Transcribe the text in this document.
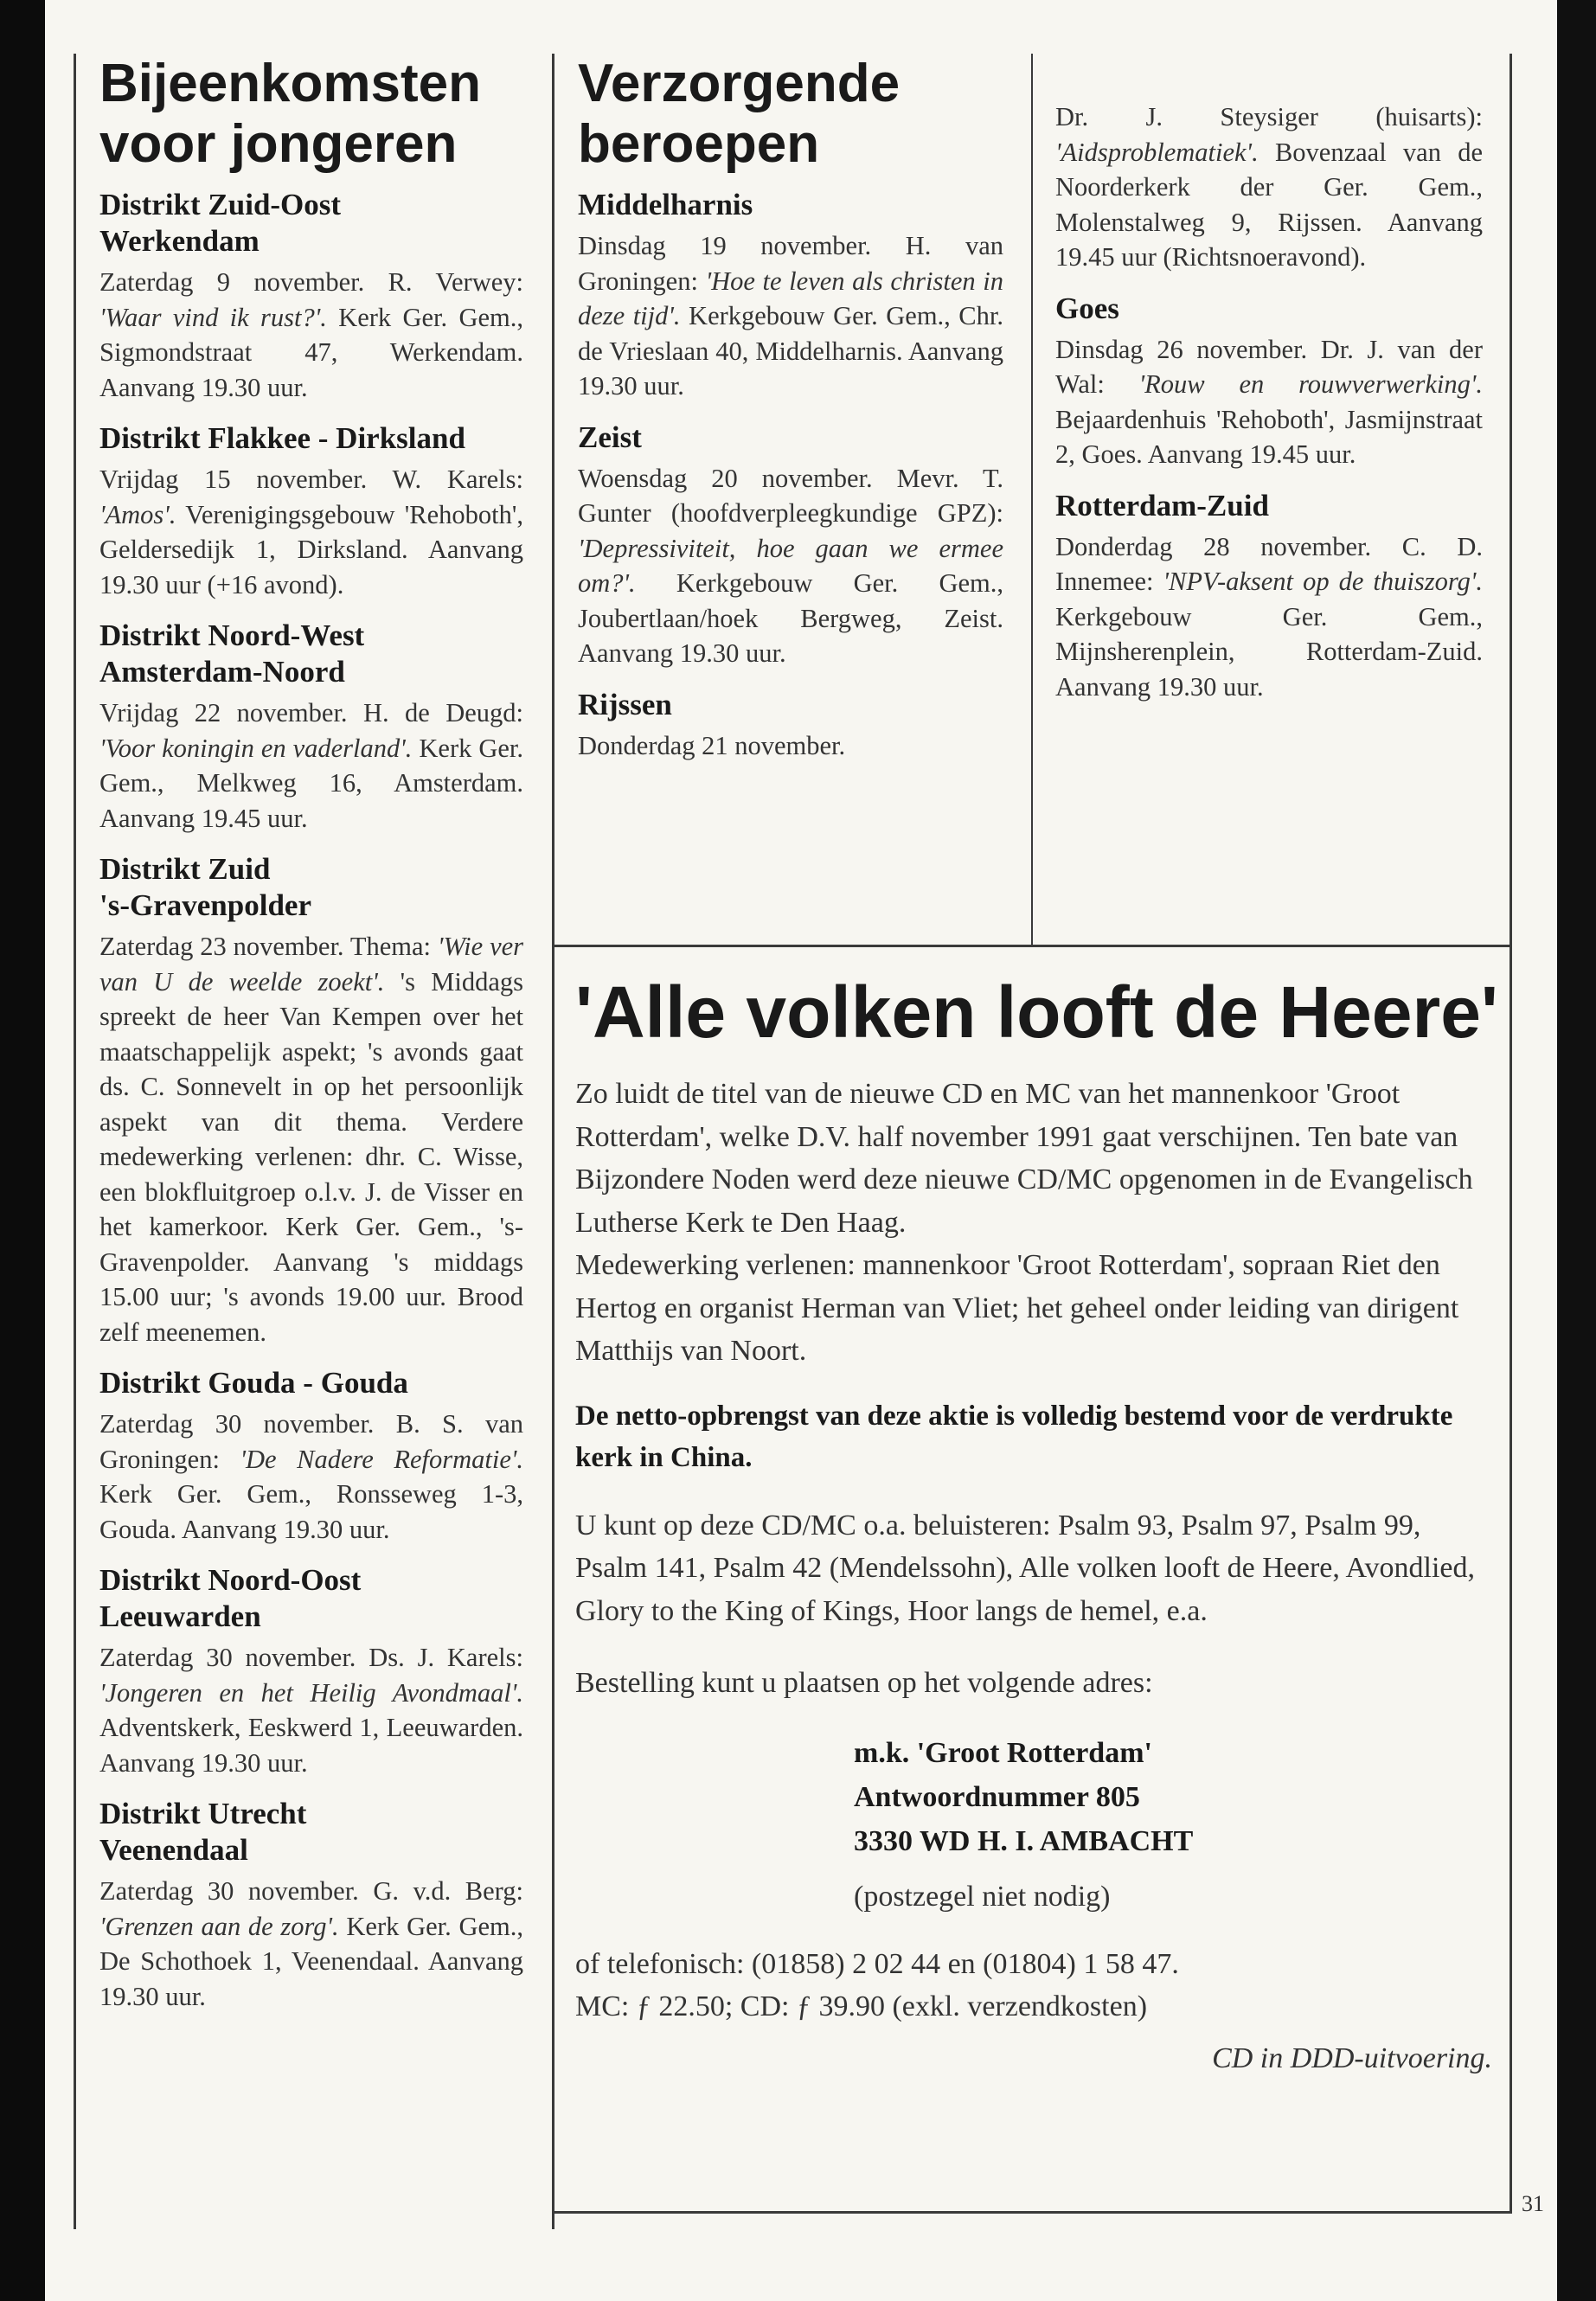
Bijeenkomsten
voor jongeren
Distrikt Zuid-Oost
Werkendam

Zaterdag 9 november. R. Verwey: 'Waar vind ik rust?'. Kerk Ger. Gem., Sigmondstraat 47, Werkendam. Aanvang 19.30 uur.

Distrikt Flakkee - Dirksland

Vrijdag 15 november. W. Karels: 'Amos'. Verenigingsgebouw 'Rehoboth', Geldersedijk 1, Dirksland. Aanvang 19.30 uur (+16 avond).

Distrikt Noord-West
Amsterdam-Noord

Vrijdag 22 november. H. de Deugd: 'Voor koningin en vaderland'. Kerk Ger. Gem., Melkweg 16, Amsterdam. Aanvang 19.45 uur.

Distrikt Zuid
's-Gravenpolder

Zaterdag 23 november. Thema: 'Wie ver van U de weelde zoekt'. 's Middags spreekt de heer Van Kempen over het maatschappelijk aspekt; 's avonds gaat ds. C. Sonnevelt in op het persoonlijk aspekt van dit thema. Verdere medewerking verlenen: dhr. C. Wisse, een blokfluitgroep o.l.v. J. de Visser en het kamerkoor. Kerk Ger. Gem., 's-Gravenpolder. Aanvang 's middags 15.00 uur; 's avonds 19.00 uur. Brood zelf meenemen.

Distrikt Gouda - Gouda

Zaterdag 30 november. B. S. van Groningen: 'De Nadere Reformatie'. Kerk Ger. Gem., Ronsseweg 1-3, Gouda. Aanvang 19.30 uur.

Distrikt Noord-Oost
Leeuwarden

Zaterdag 30 november. Ds. J. Karels: 'Jongeren en het Heilig Avondmaal'. Adventskerk, Eeskwerd 1, Leeuwarden. Aanvang 19.30 uur.

Distrikt Utrecht
Veenendaal

Zaterdag 30 november. G. v.d. Berg: 'Grenzen aan de zorg'. Kerk Ger. Gem., De Schothoek 1, Veenendaal. Aanvang 19.30 uur.

Verzorgende
beroepen
Middelharnis

Dinsdag 19 november. H. van Groningen: 'Hoe te leven als christen in deze tijd'. Kerkgebouw Ger. Gem., Chr. de Vrieslaan 40, Middelharnis. Aanvang 19.30 uur.

Zeist

Woensdag 20 november. Mevr. T. Gunter (hoofdverpleegkundige GPZ): 'Depressiviteit, hoe gaan we ermee om?'. Kerkgebouw Ger. Gem., Joubertlaan/hoek Bergweg, Zeist. Aanvang 19.30 uur.

Rijssen

Donderdag 21 november.

Dr. J. Steysiger (huisarts): 'Aidsproblematiek'. Bovenzaal van de Noorderkerk der Ger. Gem., Molenstalweg 9, Rijssen. Aanvang 19.45 uur (Richtsnoeravond).

Goes

Dinsdag 26 november. Dr. J. van der Wal: 'Rouw en rouwverwerking'. Bejaardenhuis 'Rehoboth', Jasmijnstraat 2, Goes. Aanvang 19.45 uur.

Rotterdam-Zuid

Donderdag 28 november. C. D. Innemee: 'NPV-aksent op de thuiszorg'. Kerkgebouw Ger. Gem., Mijnsherenplein, Rotterdam-Zuid. Aanvang 19.30 uur.

'Alle volken looft de Heere'

Zo luidt de titel van de nieuwe CD en MC van het mannenkoor 'Groot Rotterdam', welke D.V. half november 1991 gaat verschijnen. Ten bate van Bijzondere Noden werd deze nieuwe CD/MC opgenomen in de Evangelisch Lutherse Kerk te Den Haag.

Medewerking verlenen: mannenkoor 'Groot Rotterdam', sopraan Riet den Hertog en organist Herman van Vliet; het geheel onder leiding van dirigent Matthijs van Noort.

De netto-opbrengst van deze aktie is volledig bestemd voor de verdrukte kerk in China.

U kunt op deze CD/MC o.a. beluisteren: Psalm 93, Psalm 97, Psalm 99, Psalm 141, Psalm 42 (Mendelssohn), Alle volken looft de Heere, Avondlied, Glory to the King of Kings, Hoor langs de hemel, e.a.

Bestelling kunt u plaatsen op het volgende adres:

m.k. 'Groot Rotterdam'
Antwoordnummer 805
3330 WD H. I. AMBACHT

(postzegel niet nodig)

of telefonisch: (01858) 2 02 44 en (01804) 1 58 47.

MC: ƒ 22.50; CD: ƒ 39.90 (exkl. verzendkosten)

CD in DDD-uitvoering.

31
